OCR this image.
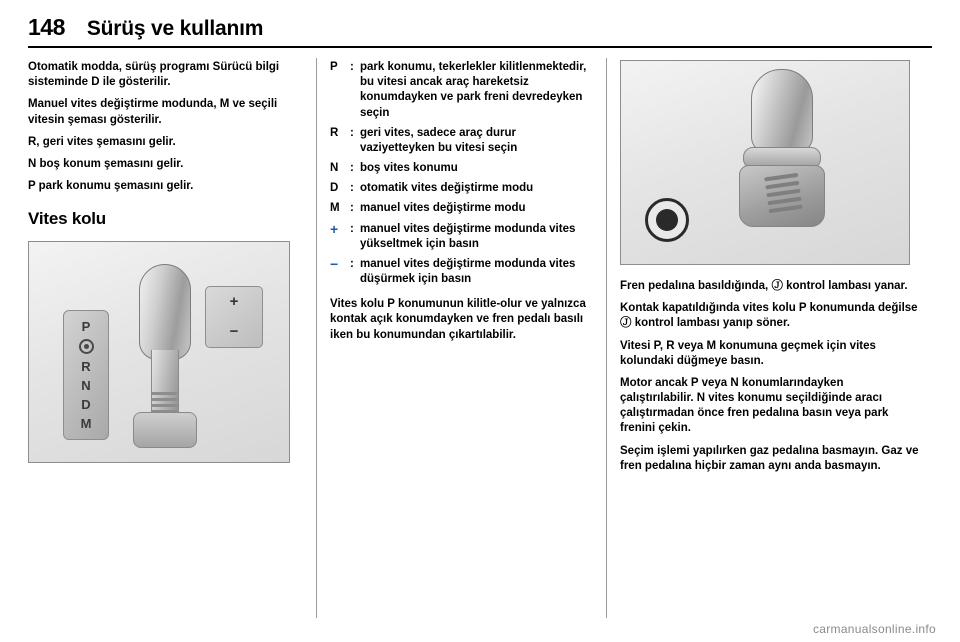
148 Sürüş ve kullanım

Otomatik modda, sürüş programı Sürücü bilgi sisteminde D ile gösterilir.

Manuel vites değiştirme modunda, M ve seçili vitesin şeması gösterilir.

R, geri vites şemasını gelir.

N boş konum şemasını gelir.

P park konumu şemasını gelir.

Vites kolu
P
R
N
D
M
+
−
P	: park konumu, tekerlekler kilitlenmektedir, bu vitesi ancak araç hareketsiz konumdayken ve park freni devredeyken seçin
R	: geri vites, sadece araç durur vaziyetteyken bu vitesi seçin
N	: boş vites konumu
D	: otomatik vites değiştirme modu
M : manuel vites değiştirme modu
+	: manuel vites değiştirme modunda vites yükseltmek için basın
−	: manuel vites değiştirme modunda vites düşürmek için basın

Vites kolu P konumunun kilitle-olur ve yalnızca kontak açık konumdayken ve fren pedalı basılı iken bu konumundan çıkartılabilir.

Fren pedalına basıldığında, Ⓙ kontrol lambası yanar.

Kontak kapatıldığında vites kolu P konumunda değilse Ⓙ kontrol lambası yanıp söner.

Vitesi P, R veya M konumuna geçmek için vites kolundaki düğmeye basın.

Motor ancak P veya N konumlarındayken çalıştırılabilir. N vites konumu seçildiğinde aracı çalıştırmadan önce fren pedalına basın veya park frenini çekin.

Seçim işlemi yapılırken gaz pedalına basmayın. Gaz ve fren pedalına hiçbir zaman aynı anda basmayın.

carmanualsonline.info
